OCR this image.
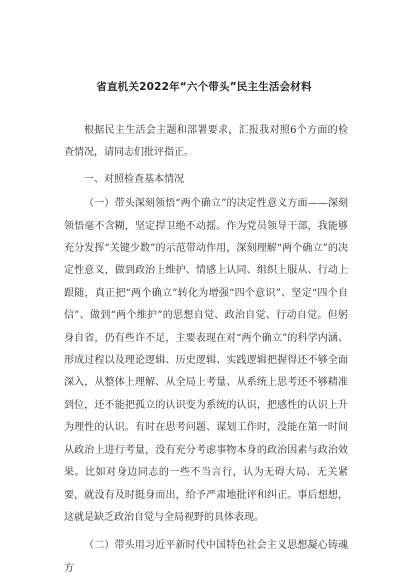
省直机关2022年“六个带头”民主生活会材料

根据民主生活会主题和部署要求，汇报我对照6个方面的检查情况，请同志们批评指正。

一、对照检查基本情况

（一）带头深刻领悟“两个确立”的决定性意义方面——深刻领悟毫不含糊，坚定捍卫绝不动摇。作为党员领导干部，我能够充分发挥“关键少数”的示范带动作用，深刻理解“两个确立”的决定性意义，做到政治上维护、情感上认同、组织上服从、行动上跟随，真正把“两个确立”转化为增强“四个意识”、坚定“四个自信”、做到“两个维护”的思想自觉、政治自觉、行动自觉。但躬身自省，仍有些许不足，主要表现在对“两个确立”的科学内涵、形成过程以及理论逻辑、历史逻辑、实践逻辑把握得还不够全面深入，从整体上理解、从全局上考量、从系统上思考还不够精准到位，还不能把孤立的认识变为系统的认识，把感性的认识上升为理性的认识。有时在思考问题、谋划工作时，没能在第一时间从政治上进行考量，没有充分考虑事物本身的政治因素与政治效果。比如对身边同志的一些不当言行，认为无碍大局、无关紧要，就没有及时挺身而出，给予严肃地批评和纠正。事后想想，这就是缺乏政治自觉与全局视野的具体表现。

（二）带头用习近平新时代中国特色社会主义思想凝心铸魂方
